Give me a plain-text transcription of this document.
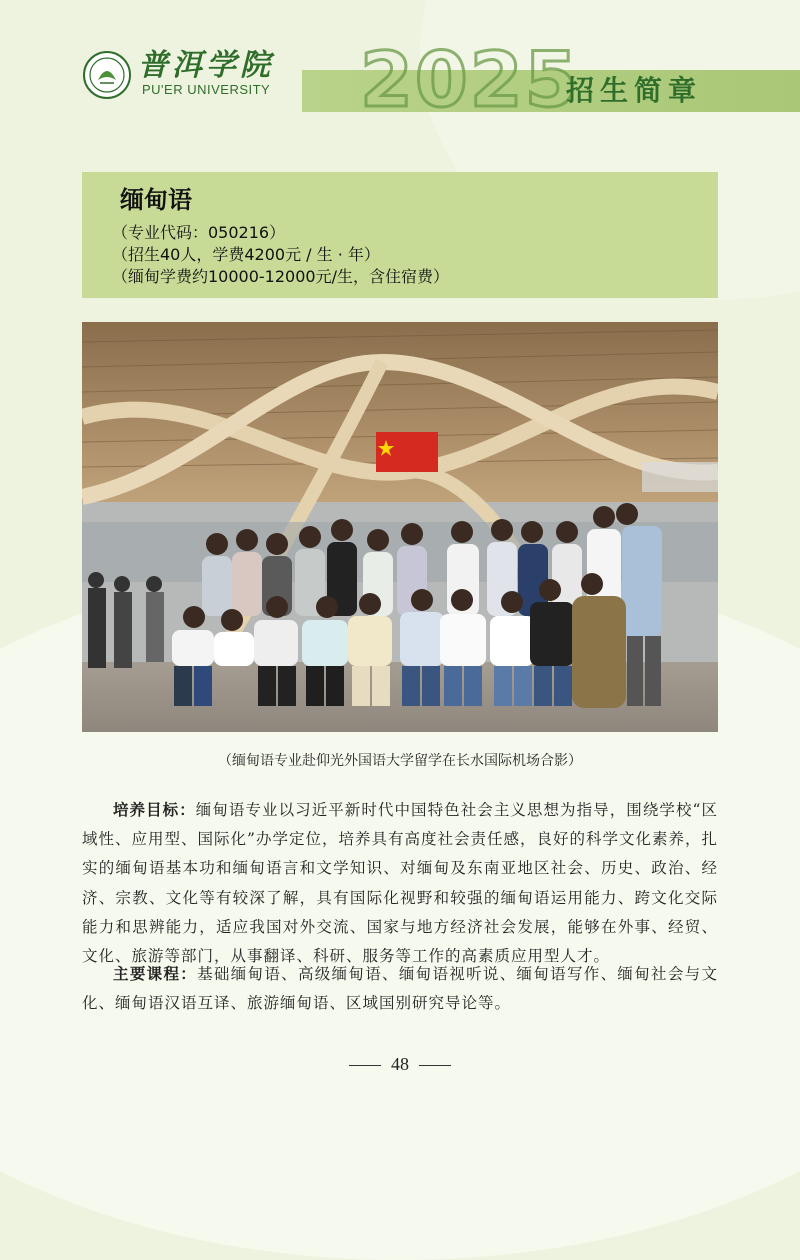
普洱学院
PU'ER UNIVERSITY 2025
招生简章
缅甸语
（专业代码：050216）
（招生40人，学费4200元 / 生 · 年）
（缅甸学费约10000-12000元/生，含住宿费）
（缅甸语专业赴仰光外国语大学留学在长水国际机场合影）
培养目标：缅甸语专业以习近平新时代中国特色社会主义思想为指导，围绕学校“区域性、应用型、国际化”办学定位，培养具有高度社会责任感，良好的科学文化素养，扎实的缅甸语基本功和缅甸语言和文学知识、对缅甸及东南亚地区社会、历史、政治、经济、宗教、文化等有较深了解，具有国际化视野和较强的缅甸语运用能力、跨文化交际能力和思辨能力，适应我国对外交流、国家与地方经济社会发展，能够在外事、经贸、文化、旅游等部门，从事翻译、科研、服务等工作的高素质应用型人才。
主要课程：基础缅甸语、高级缅甸语、缅甸语视听说、缅甸语写作、缅甸社会与文化、缅甸语汉语互译、旅游缅甸语、区域国别研究导论等。
48
